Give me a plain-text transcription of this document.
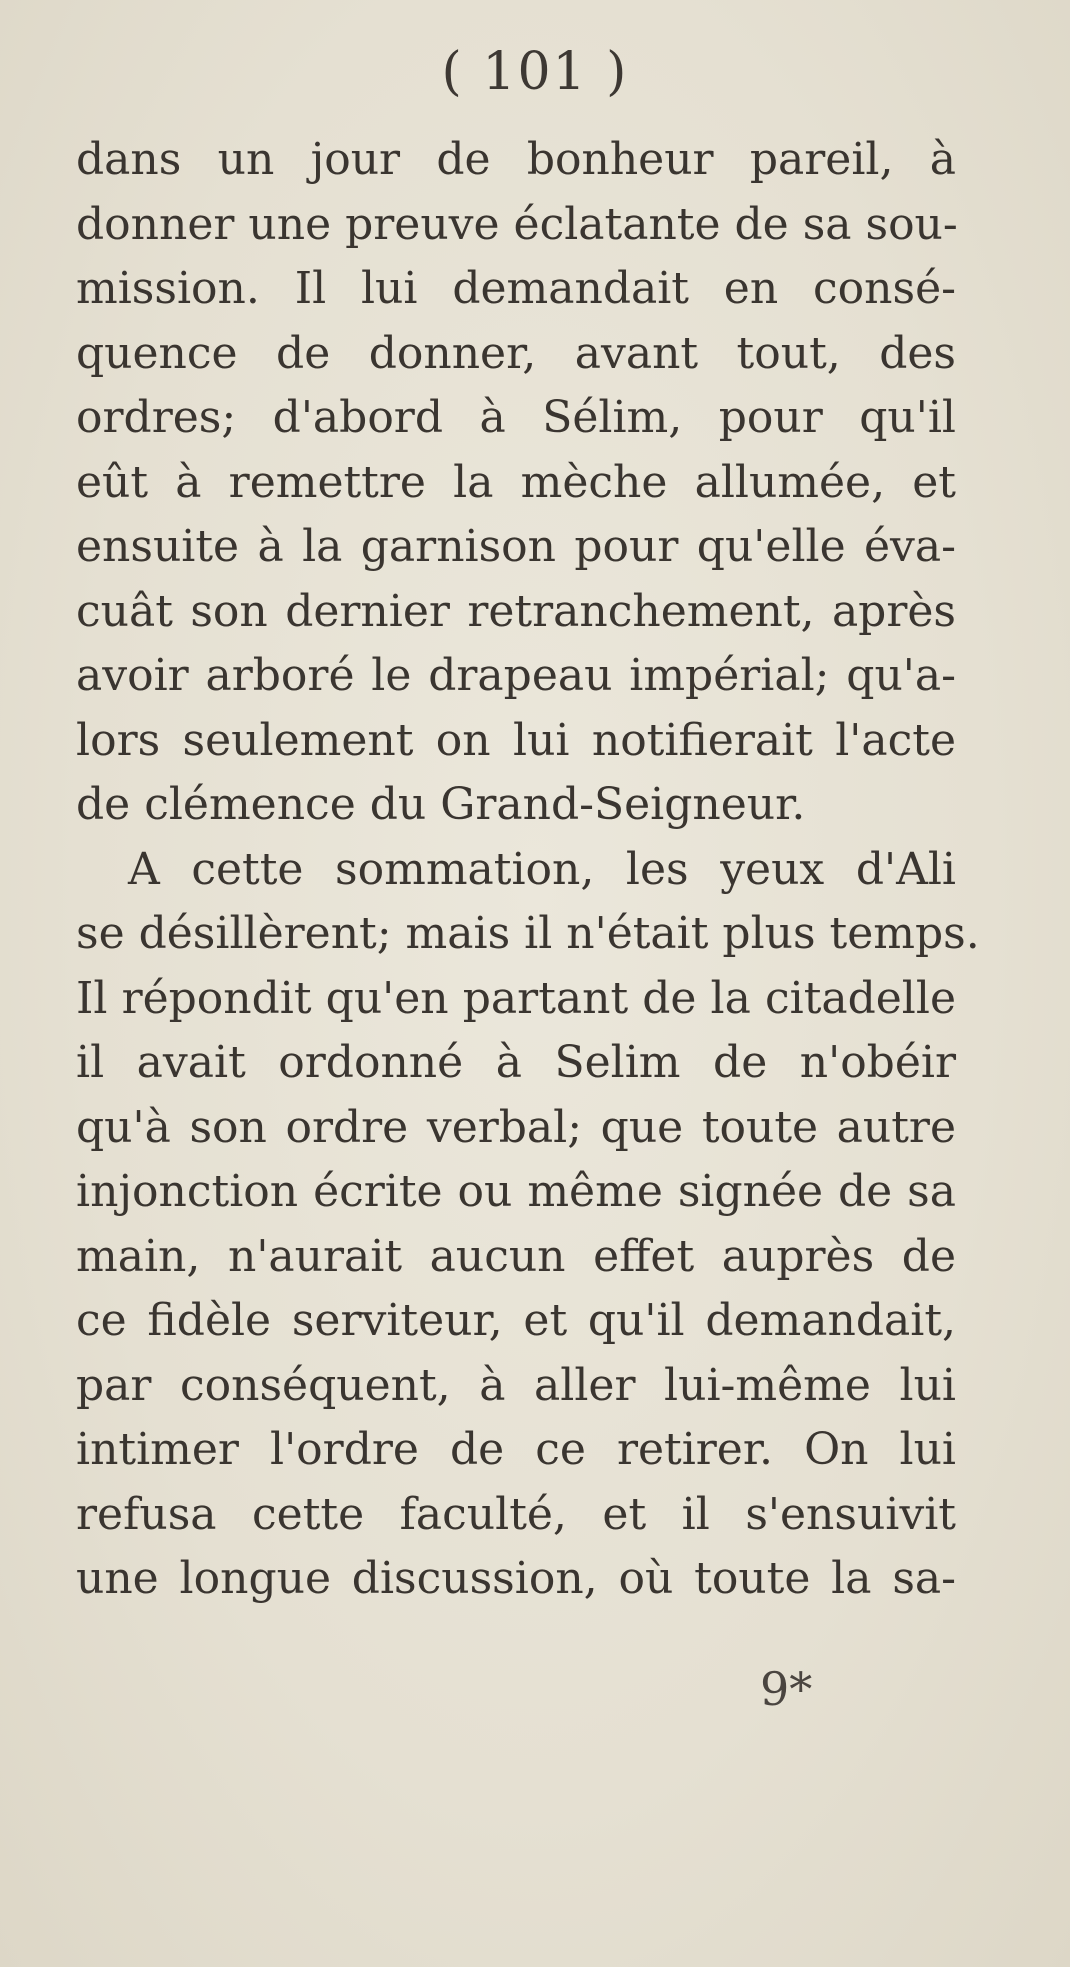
( 101 )
dans un jour de bonheur pareil, à
donner une preuve éclatante de sa sou-
mission. Il lui demandait en consé-
quence de donner, avant tout, des
ordres; d'abord à Sélim, pour qu'il
eût à remettre la mèche allumée, et
ensuite à la garnison pour qu'elle éva-
cuât son dernier retranchement, après
avoir arboré le drapeau impérial; qu'a-
lors seulement on lui notifierait l'acte
de clémence du Grand-Seigneur.
A cette sommation, les yeux d'Ali
se désillèrent; mais il n'était plus temps.
Il répondit qu'en partant de la citadelle
il avait ordonné à Selim de n'obéir
qu'à son ordre verbal; que toute autre
injonction écrite ou même signée de sa
main, n'aurait aucun effet auprès de
ce fidèle serviteur, et qu'il demandait,
par conséquent, à aller lui-même lui
intimer l'ordre de ce retirer. On lui
refusa cette faculté, et il s'ensuivit
une longue discussion, où toute la sa-
9*
